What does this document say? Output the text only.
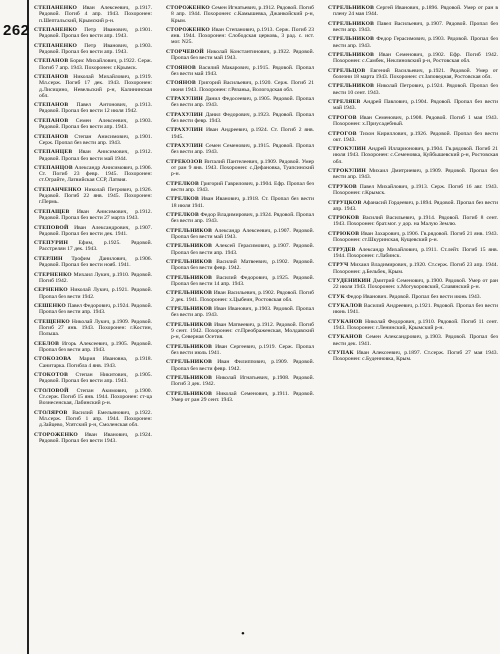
262

СТЕПАНЕНКО Иван Алексеевич, р.1917. Рядовой. Погиб 4 апр. 1943. Похоронен: п.Шептальский, Крымский р-н.

СТЕПАНЕНКО Петр Иванович, р.1901. Рядовой. Пропал без вести апр. 1943.

СТЕПАНЕНКО Петр Иванович, р.1903. Рядовой. Пропал без вести апр. 1943.

СТЕПАНОВ Борис Михайлович, р.1922. Серж. Погиб 7 апр. 1943. Похоронен: г.Крымск.

СТЕПАНОВ Николай Михайлович, р.1919. Мл.серж. Погиб 17 дек. 1943. Похоронен: д.Лисицино, Невельский р-н, Калининская обл.

СТЕПАНОВ Павел Антонович, р.1913. Рядовой. Пропал без вести 12 июля 1942.

СТЕПАНОВ Семен Алексеевич, р.1903. Рядовой. Пропал без вести апр. 1943.

СТЕПАНОВ Степан Анисимович, р.1901. Серж. Пропал без вести апр. 1943.

СТЕПАНЦЕВ Иван Анисимович, р.1912. Рядовой. Пропал без вести май 1944.

СТЕПАНЦОВ Александр Анисимович, р.1906. Ст. Погиб 23 февр. 1945. Похоронен: ст.Ограйте, Латвийская ССР, Латвия.

СТЕПАНЧЕНКО Николай Петрович, р.1926. Рядовой. Погиб 22 янв. 1945. Похоронен: г.Пермь.

СТЕПАЩЕВ Иван Анисимович, р.1912. Рядовой. Пропал без вести 27 марта 1943.

СТЕПОВОЙ Иван Александрович, р.1907. Рядовой. Пропал без вести дек. 1941.

СТЕПУРИН Ефим, р.1925. Рядовой. Расстрелян 17 дек. 1943.

СТЕРЛИН Трофим Данилович, р.1906. Рядовой. Пропал без вести нояб. 1941.

СТЕРНЕНКО Михаил Лукич, р.1910. Рядовой. Погиб 1942.

СЕРНЕНКО Николай Лукич, р.1921. Рядовой. Пропал без вести 1942.

СЕШЕНКО Павел Федорович, р.1924. Рядовой. Пропал без вести апр. 1943.

СТЕЩЕНКО Николай Лукич, р.1909. Рядовой. Погиб 27 янв. 1943. Похоронен: г.Костин, Польша.

СЕБЛОВ Игорь Алексеевич, р.1905. Рядовой. Пропал без вести апр. 1943.

СТОКОЗОВА Мария Ивановна, р.1918. Санитарка. Погибла 4 янв. 1943.

СТОКОТОВ Степан Никитович, р.1905. Рядовой. Пропал без вести апр. 1943.

СТОЛОВОЙ Степан Акимович, р.1900. Ст.серж. Погиб 15 янв. 1944. Похоронен: ст-ца Вознесенская, Лабинский р-н.

СТОЛЯРОВ Василий Емельянович, р.1922. Мл.серж. Погиб 1 апр. 1944. Похоронен: д.Зайцево, Усятский р-н, Смоленская обл.

СТОРОЖЕНКО Иван Иванович, р.1924. Рядовой. Пропал без вести 1943.

СТОРОЖЕНКО Семен Игнатьевич, р.1912. Рядовой. Погиб 8 апр. 1944. Похоронен: с.Камышевка, Джанкойский р-н, Крым.

СТОРОЖЕНКО Иван Степанович, р.1913. Серж. Погиб 23 янв. 1944. Похоронен: Слободская церковь, 3 рад. с. ист. мог. N25.

СТОРЧЕВОЙ Николай Константинович, р.1922. Рядовой. Пропал без вести май 1943.

СТОЯНОВ Василий Макарович, р.1915. Рядовой. Пропал без вести май 1943.

СТОЯНОВ Григорий Васильевич, р.1920. Серж. Погиб 21 июня 1943. Похоронен: г.Рязаньа, Вологодская обл.

СТРАХУЛИН Данил Федосеевич, р.1905. Рядовой. Пропал без вести апр. 1943.

СТРАХУЛИН Данил Федорович, р.1923. Рядовой. Пропал без вести февр. 1943.

СТРАХУЛИН Иван Андреевич, р.1924. Ст. Погиб 2 янв. 1945.

СТРАХУЛИН Семен Семенович, р.1915. Рядовой. Пропал без вести апр. 1943.

СТРЕКОЗОВ Виталий Пантелеевич, р.1909. Рядовой. Умер от ран 9 янв. 1943. Похоронен: с.Дефановка, Туапсинский р-н.

СТРЕЛКОВ Григорий Гаврилович, р.1904. Ефр. Пропал без вести апр. 1943.

СТРЕЛКОВ Иван Иванович, р.1918. Ст. Пропал без вести 18 июля 1941.

СТРЕЛКОВ Федор Владимирович, р.1924. Рядовой. Пропал без вести апр. 1943.

СТРЕЛЬНИКОВ Александр Алексеевич, р.1907. Рядовой. Пропал без вести май 1943.

СТРЕЛЬНИКОВ Алексей Герасимович, р.1907. Рядовой. Пропал без вести апр. 1943.

СТРЕЛЬНИКОВ Василий Матвеевич, р.1902. Рядовой. Пропал без вести февр. 1942.

СТРЕЛЬНИКОВ Василий Федорович, р.1925. Рядовой. Пропал без вести 14 апр. 1943.

СТРЕЛЬНИКОВ Иван Васильевич, р.1902. Рядовой. Погиб 2 дек. 1941. Похоронен: х.Цыбеин, Ростовская обл.

СТРЕЛЬНИКОВ Иван Иванович, р.1903. Рядовой. Пропал без вести апр. 1943.

СТРЕЛЬНИКОВ Иван Матвеевич, р.1912. Рядовой. Погиб 9 сент. 1942. Похоронен: ст.Преображенская, Молдавский р-н, Северная Осетия.

СТРЕЛЬНИКОВ Иван Сергеевич, р.1919. Серж. Пропал без вести июль 1941.

СТРЕЛЬНИКОВ Иван Филиппович, р.1909. Рядовой. Пропал без вести февр. 1942.

СТРЕЛЬНИКОВ Николай Игнатьевич, р.1908. Рядовой. Погиб 3 дек. 1942.

СТРЕЛЬНИКОВ Николай Семенович, р.1911. Рядовой. Умер от ран 29 сент. 1943.

СТРЕЛЬНИКОВ Сергей Иванович, р.1896. Рядовой. Умер от ран в плену 24 мая 1944.

СТРЕЛЬНИКОВ Павел Васильевич, р.1907. Рядовой. Пропал без вести апр. 1943.

СТРЕЛЬНИКОВ Федор Герасимович, р.1903. Рядовой. Пропал без вести апр. 1943.

СТРЕЛЬНИКОВ Иван Семенович, р.1902. Ефр. Погиб 1942. Похоронен: с.Самбек, Неклиновский р-н, Ростовская обл.

СТРЕЛЬЦОВ Евгений Васильевич, р.1921. Рядовой. Умер от болезни 18 марта 1943. Похоронен: ст.Заповедная, Ростовская обл.

СТРЕЛЬНИКОВ Николай Петрович, р.1924. Рядовой. Пропал без вести 10 сент. 1943.

СТРЕЛЯЕВ Андрей Павлович, р.1904. Рядовой. Пропал без вести май 1943.

СТРОГОВ Иван Семенович, р.1908. Рядовой. Погиб 1 мая 1943. Похоронен: х.Приусадебный.

СТРОГОВ Тихон Кириллович, р.1926. Рядовой. Пропал без вести окт. 1943.

СТРОКУЛИН Андрей Илларионович, р.1904. Гв.рядовой. Погиб 21 июля 1943. Похоронен: с.Семеновка, Куйбышевский р-н, Ростовская обл.

СТРОКУЛИН Михаил Дмитриевич, р.1909. Рядовой. Пропал без вести апр. 1943.

СТРУКОВ Павел Михайлович, р.1913. Серж. Погиб 16 авг. 1943. Похоронен: г.Крымск.

СТРУЦКОВ Афанасий Гордеевич, р.1894. Рядовой. Пропал без вести апр. 1943.

СТРЮКОВ Василий Васильевич, р.1914. Рядовой. Погиб 8 сент. 1943. Похоронен: брат.мог. у дор. на Малую Землю.

СТРЮКОВ Иван Захарович, р.1906. Гв.рядовой. Погиб 21 янв. 1943. Похоронен: ст.Шкуринская, Кущевский р-н.

СТРУДЕВ Александр Михайлович, р.1911. Ст.лейт. Погиб 15 янв. 1944. Похоронен: г.Лабинск.

СТРУЧ Михаил Владимирович, р.1920. Ст.серж. Погиб 23 апр. 1944. Похоронен: д.Бельбек, Крым.

СТУДЕНИКИН Дмитрий Семенович, р.1900. Рядовой. Умер от ран 22 июля 1943. Похоронен: х.Могукоровский, Славянский р-н.

СТУК Федор Иванович. Рядовой. Пропал без вести июнь 1943.

СТУКАЛОВ Василий Андреевич, р.1921. Рядовой. Пропал без вести июнь 1941.

СТУКАНОВ Николай Федорович, р.1910. Рядовой. Погиб 11 сент. 1943. Похоронен: г.Ленинский, Крымский р-н.

СТУКАНОВ Семен Александрович, р.1903. Рядовой. Пропал без вести дек. 1941.

СТУПАК Иван Алексеевич, р.1897. Ст.серж. Погиб 27 мая 1943. Похоронен: с.Буденновка, Крым.

•
